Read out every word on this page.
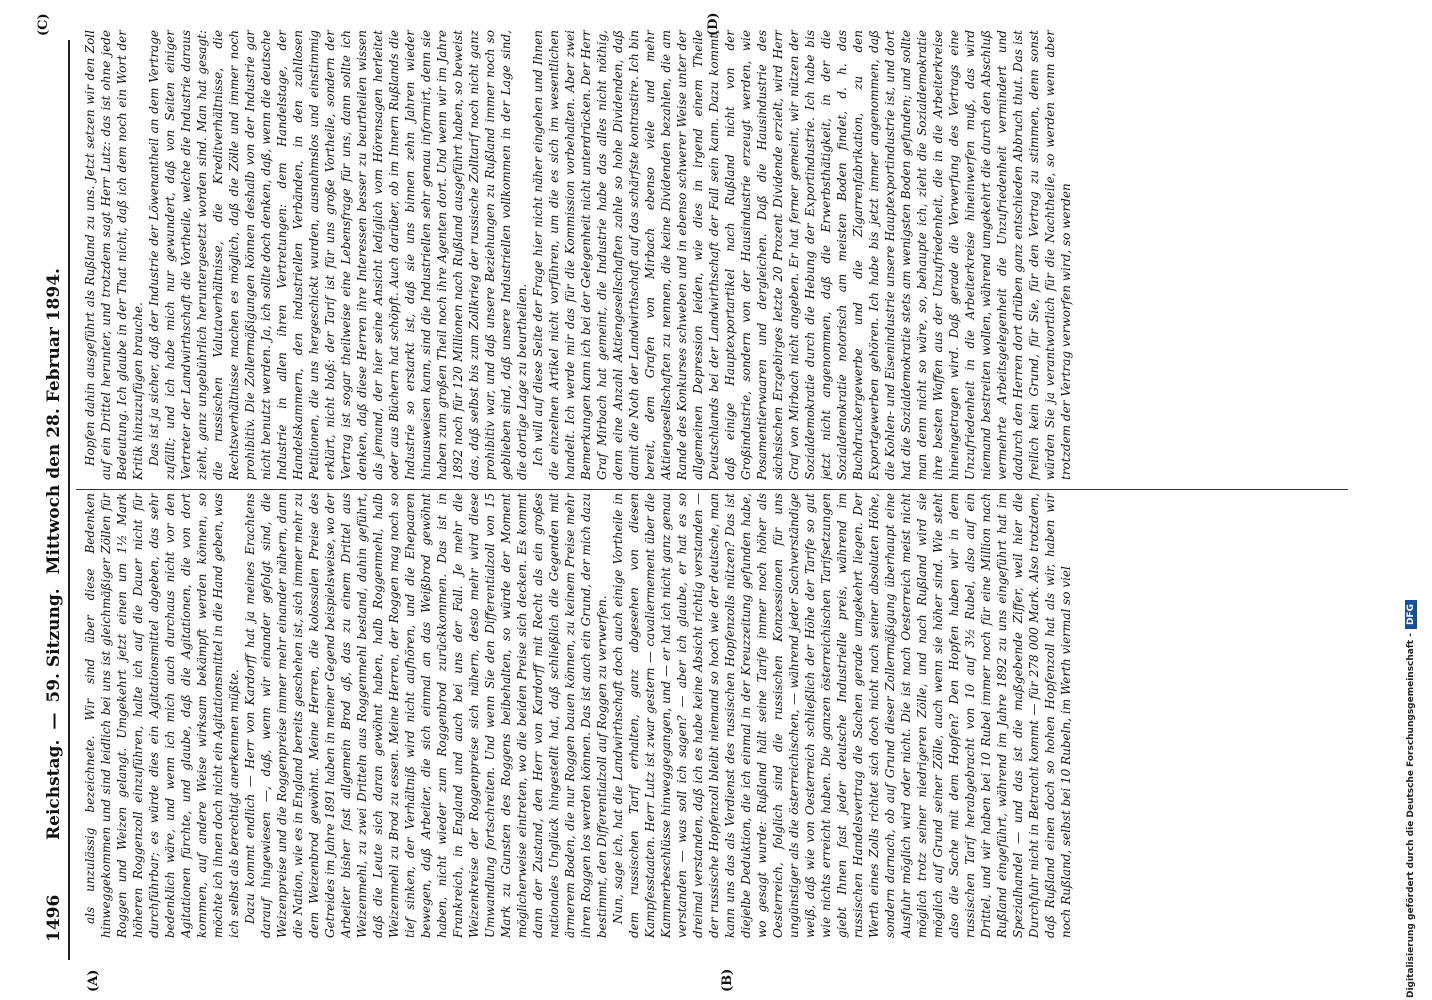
1496
Reichstag.—59. Sitzung.Mittwoch den 28. Februar 1894.
(A)	(B)
(C)	(D)

als unzulässig bezeichnete. Wir sind über diese Bedenken hinweggekommen und sind leidlich bei uns ist gleichmäßiger Zöllen für Roggen und Weizen gelangt. Umgekehrt jetzt einen um 1½ Mark höheren Roggenzoll einzuführen, halte ich auf die Dauer nicht für durchführbar; es würde dies ein Agitationsmittel abgeben, das sehr bedenklich wäre, und wenn ich mich auch durchaus nicht vor den Agitationen fürchte, und glaube, daß die Agitationen, die von dort kommen, auf andere Weise wirksam bekämpft werden können, so möchte ich ihnen doch nicht ein Agitationsmittel in die Hand geben, was ich selbst als berechtigt anerkennen müßte. Dazu kommt endlich — Herr von Kardorff hat ja meines Erachtens darauf hingewiesen —, daß, wenn wir einander gefolgt sind, die Weizenpreise und die Roggenpreise immer mehr einander nähern, dann die Nation, wie es in England bereits geschehen ist, sich immer mehr zu dem Weizenbrod gewöhnt. Meine Herren, die kolossalen Preise des Getreides im Jahre 1891 haben in meiner Gegend beispielsweise, wo der Arbeiter bisher fast allgemein Brod aß, das zu einem Drittel aus Weizenmehl, zu zwei Dritteln aus Roggenmehl bestand, dahin geführt, daß die Leute sich daran gewöhnt haben, halb Roggenmehl, halb Weizenmehl zu Brod zu essen. Meine Herren, der Roggen mag noch so tief sinken, der Verhältniß wird nicht aufhören, und die Ehepaaren bewegen, daß Arbeiter, die sich einmal an das Weißbrod gewöhnt haben, nicht wieder zum Roggenbrod zurückkommen. Das ist in Frankreich, in England und auch bei uns der Fall. Je mehr die Weizenkreise der Roggenpreise sich nähern, desto mehr wird diese Umwandlung fortschreiten. Und wenn Sie den Differentialzoll von 15 Mark zu Gunsten des Roggens beibehalten, so würde der Moment möglicherweise eintreten, wo die beiden Preise sich decken. Es kommt dann der Zustand, den Herr von Kardorff mit Recht als ein großes nationales Unglück hingestellt hat, daß schließlich die Gegenden mit ärmerem Boden, die nur Roggen bauen können, zu keinem Preise mehr ihren Roggen los werden können. Das ist auch ein Grund, der mich dazu bestimmt, den Differentialzoll auf Roggen zu verwerfen. Nun, sage ich, hat die Landwirthschaft doch auch einige Vortheile in dem russischen Tarif erhalten, ganz abgesehen von diesen Kampfesstaaten. Herr Lutz ist zwar gestern — cavaliermement über die Kammerbeschlüsse hinweggegangen, und — er hat ich nicht ganz genau verstanden — was soll ich sagen? — aber ich glaube, er hat es so dreimal verstanden, daß ich es habe keine Absicht richtig verstanden — der russische Hopfenzoll bleibt niemand so hoch wie der deutsche, man kann uns das als Verdienst des russischen Hopfenzolls nützen? Das ist diejelbe Deduktion, die ich einmal in der Kreuzzeitung gefunden habe, wo gesagt wurde: Rußland hält seine Tarife immer noch höher als Oesterreich, folglich sind die russischen Konzessionen für uns ungünstiger als die österreichischen, — während jeder Sachverständige weiß, daß wie von Oesterreich schließlich der Höhe der Tarife so gut wie nichts erreicht haben. Die ganzen österreichischen Tarifsetzungen giebt Ihnen fast jeder deutsche Industrielle preis, während im russischen Handelsvertrag die Sachen gerade umgekehrt liegen. Der Werth eines Zolls richtet sich doch nicht nach seiner absoluten Höhe, sondern darnach, ob auf Grund dieser Zollermäßigung überhaupt eine Ausfuhr möglich wird oder nicht. Die ist nach Oesterreich meist nicht möglich trotz seiner niedrigeren Zölle, und nach Rußland wird sie möglich auf Grund seiner Zölle, auch wenn sie höher sind. Wie steht also die Sache mit dem Hopfen? Den Hopfen haben wir in dem russischen Tarif herabgebracht von 10 auf 3½ Rubel, also auf ein Drittel, und wir haben bei 10 Rubel immer noch für eine Million nach Rußland eingeführt, während im Jahre 1892 zu uns eingeführt hat im Spezialhandel — und das ist die maßgebende Ziffer, weil hier die Durchfuhr nicht in Betracht kommt — für 278 000 Mark. Also trotzdem, daß Rußland einen doch so hohen Hopfenzoll hat als wir, haben wir noch Rußland, selbst bei 10 Rubeln, im Werth viermal so viel

Hopfen dahin ausgeführt als Rußland zu uns. Jetzt setzen wir den Zoll auf ein Drittel herunter, und trotzdem sagt Herr Lutz: das ist ohne jede Bedeutung. Ich glaube in der That nicht, daß ich dem noch ein Wort der Kritik hinzuzufügen brauche. Das ist ja sicher, daß der Industrie der Löwenantheil an dem Vertrage zufällt; und ich habe mich nur gewundert, daß von Seiten einiger Vertreter der Landwirthschaft die Vortheile, welche die Industrie daraus zieht, ganz ungebührlich heruntergesetzt worden sind. Man hat gesagt: die russischen Valutaverhältnisse, die Kreditverhältnisse, die Rechtsverhältnisse machen es möglich, daß die Zölle und immer noch prohibitiv. Die Zollermäßigungen können deshalb von der Industrie gar nicht benutzt werden. Ja, ich sollte doch denken, daß, wenn die deutsche Industrie in allen ihren Vertretungen: dem Handelstage, der Handelskammern, den industriellen Verbänden, in den zahllosen Petitionen, die uns hergeschickt wurden, ausnahmslos und einstimmig erklärt, nicht bloß: der Tarif ist für uns große Vortheile, sondern der Vertrag ist sogar theilweise eine Lebensfrage für uns, dann sollte ich denken, daß diese Herren ihre Interessen besser zu beurtheilen wissen als jemand, der hier seine Ansicht lediglich vom Hörensagen herleitet oder aus Büchern hat schöpft. Auch darüber, ob im Innern Rußlands die Industrie so erstarkt ist, daß sie uns binnen zehn Jahren wieder hinausweisen kann, sind die Industriellen sehr genau informirt, denn sie haben zum großen Theil noch ihre Agenten dort. Und wenn wir im Jahre 1892 noch für 120 Millionen nach Rußland ausgeführt haben, so beweist das, daß selbst bis zum Zollkrieg der russische Zolltarif noch nicht ganz prohibitiv war, und daß unsere Beziehungen zu Rußland immer noch so geblieben sind, daß unsere Industriellen vollkommen in der Lage sind, die dortige Lage zu beurtheilen. Ich will auf diese Seite der Frage hier nicht näher eingehen und Ihnen die einzelnen Artikel nicht vorführen, um die es sich im wesentlichen handelt. Ich werde mir das für die Kommission vorbehalten. Aber zwei Bemerkungen kann ich bei der Gelegenheit nicht unterdrücken. Der Herr Graf Mirbach hat gemeint, die Industrie habe das alles nicht nöthig, denn eine Anzahl Aktiengesellschaften zahle so hohe Dividenden, daß damit die Noth der Landwirthschaft auf das schärfste kontrastire. Ich bin bereit, dem Grafen von Mirbach ebenso viele und mehr Aktiengesellschaften zu nennen, die keine Dividenden bezahlen, die am Rande des Konkurses schweben und in ebenso schwerer Weise unter der allgemeinen Depression leiden, wie dies in irgend einem Theile Deutschlands bei der Landwirthschaft der Fall sein kann. Dazu kommt, daß einige Hauptexportartikel nach Rußland nicht von der Großindustrie, sondern von der Hausindustrie erzeugt werden, wie Posamentierwaaren und dergleichen. Daß die Hausindustrie des sächsischen Erzgebirges letzte 20 Prozent Dividende erzielt, wird Herr Graf von Mirbach nicht angeben. Er hat ferner gemeint, wir nützen der Sozialdemokratie durch die Hebung der Exportindustrie. Ich habe bis jetzt nicht angenommen, daß die Erwerbsthätigkeit, in der die Sozialdemokratie notorisch am meisten Boden findet, d. h. das Buchdruckergewerbe und die Zigarrenfabrikation, zu den Exportgewerben gehören. Ich habe bis jetzt immer angenommen, daß die Kohlen- und Eisenindustrie unsere Hauptexportindustrie ist, und dort hat die Sozialdemokratie stets am wenigsten Boden gefunden; und sollte man denn nicht so wäre, so, behaupte ich, zieht die Sozialdemokratie ihre besten Waffen aus der Unzufriedenheit, die in die Arbeiterkreise hineingetragen wird. Daß gerade die Verwerfung des Vertrags eine Unzufriedenheit in die Arbeiterkreise hineinwerfen muß, das wird niemand bestreiten wollen, während umgekehrt die durch den Abschluß vermehrte Arbeitsgelegenheit die Unzufriedenheit vermindert und dadurch den Herren dort drüben ganz entschieden Abbruch thut. Das ist freilich kein Grund, für Sie, für den Vertrag zu stimmen, denn sonst würden Sie ja verantwortlich für die Nachtheile, so werden wenn aber trotzdem der Vertrag verworfen wird, so werden

Digitalisierung gefördert durch die Deutsche Forschungsgemeinschaft -DFG
